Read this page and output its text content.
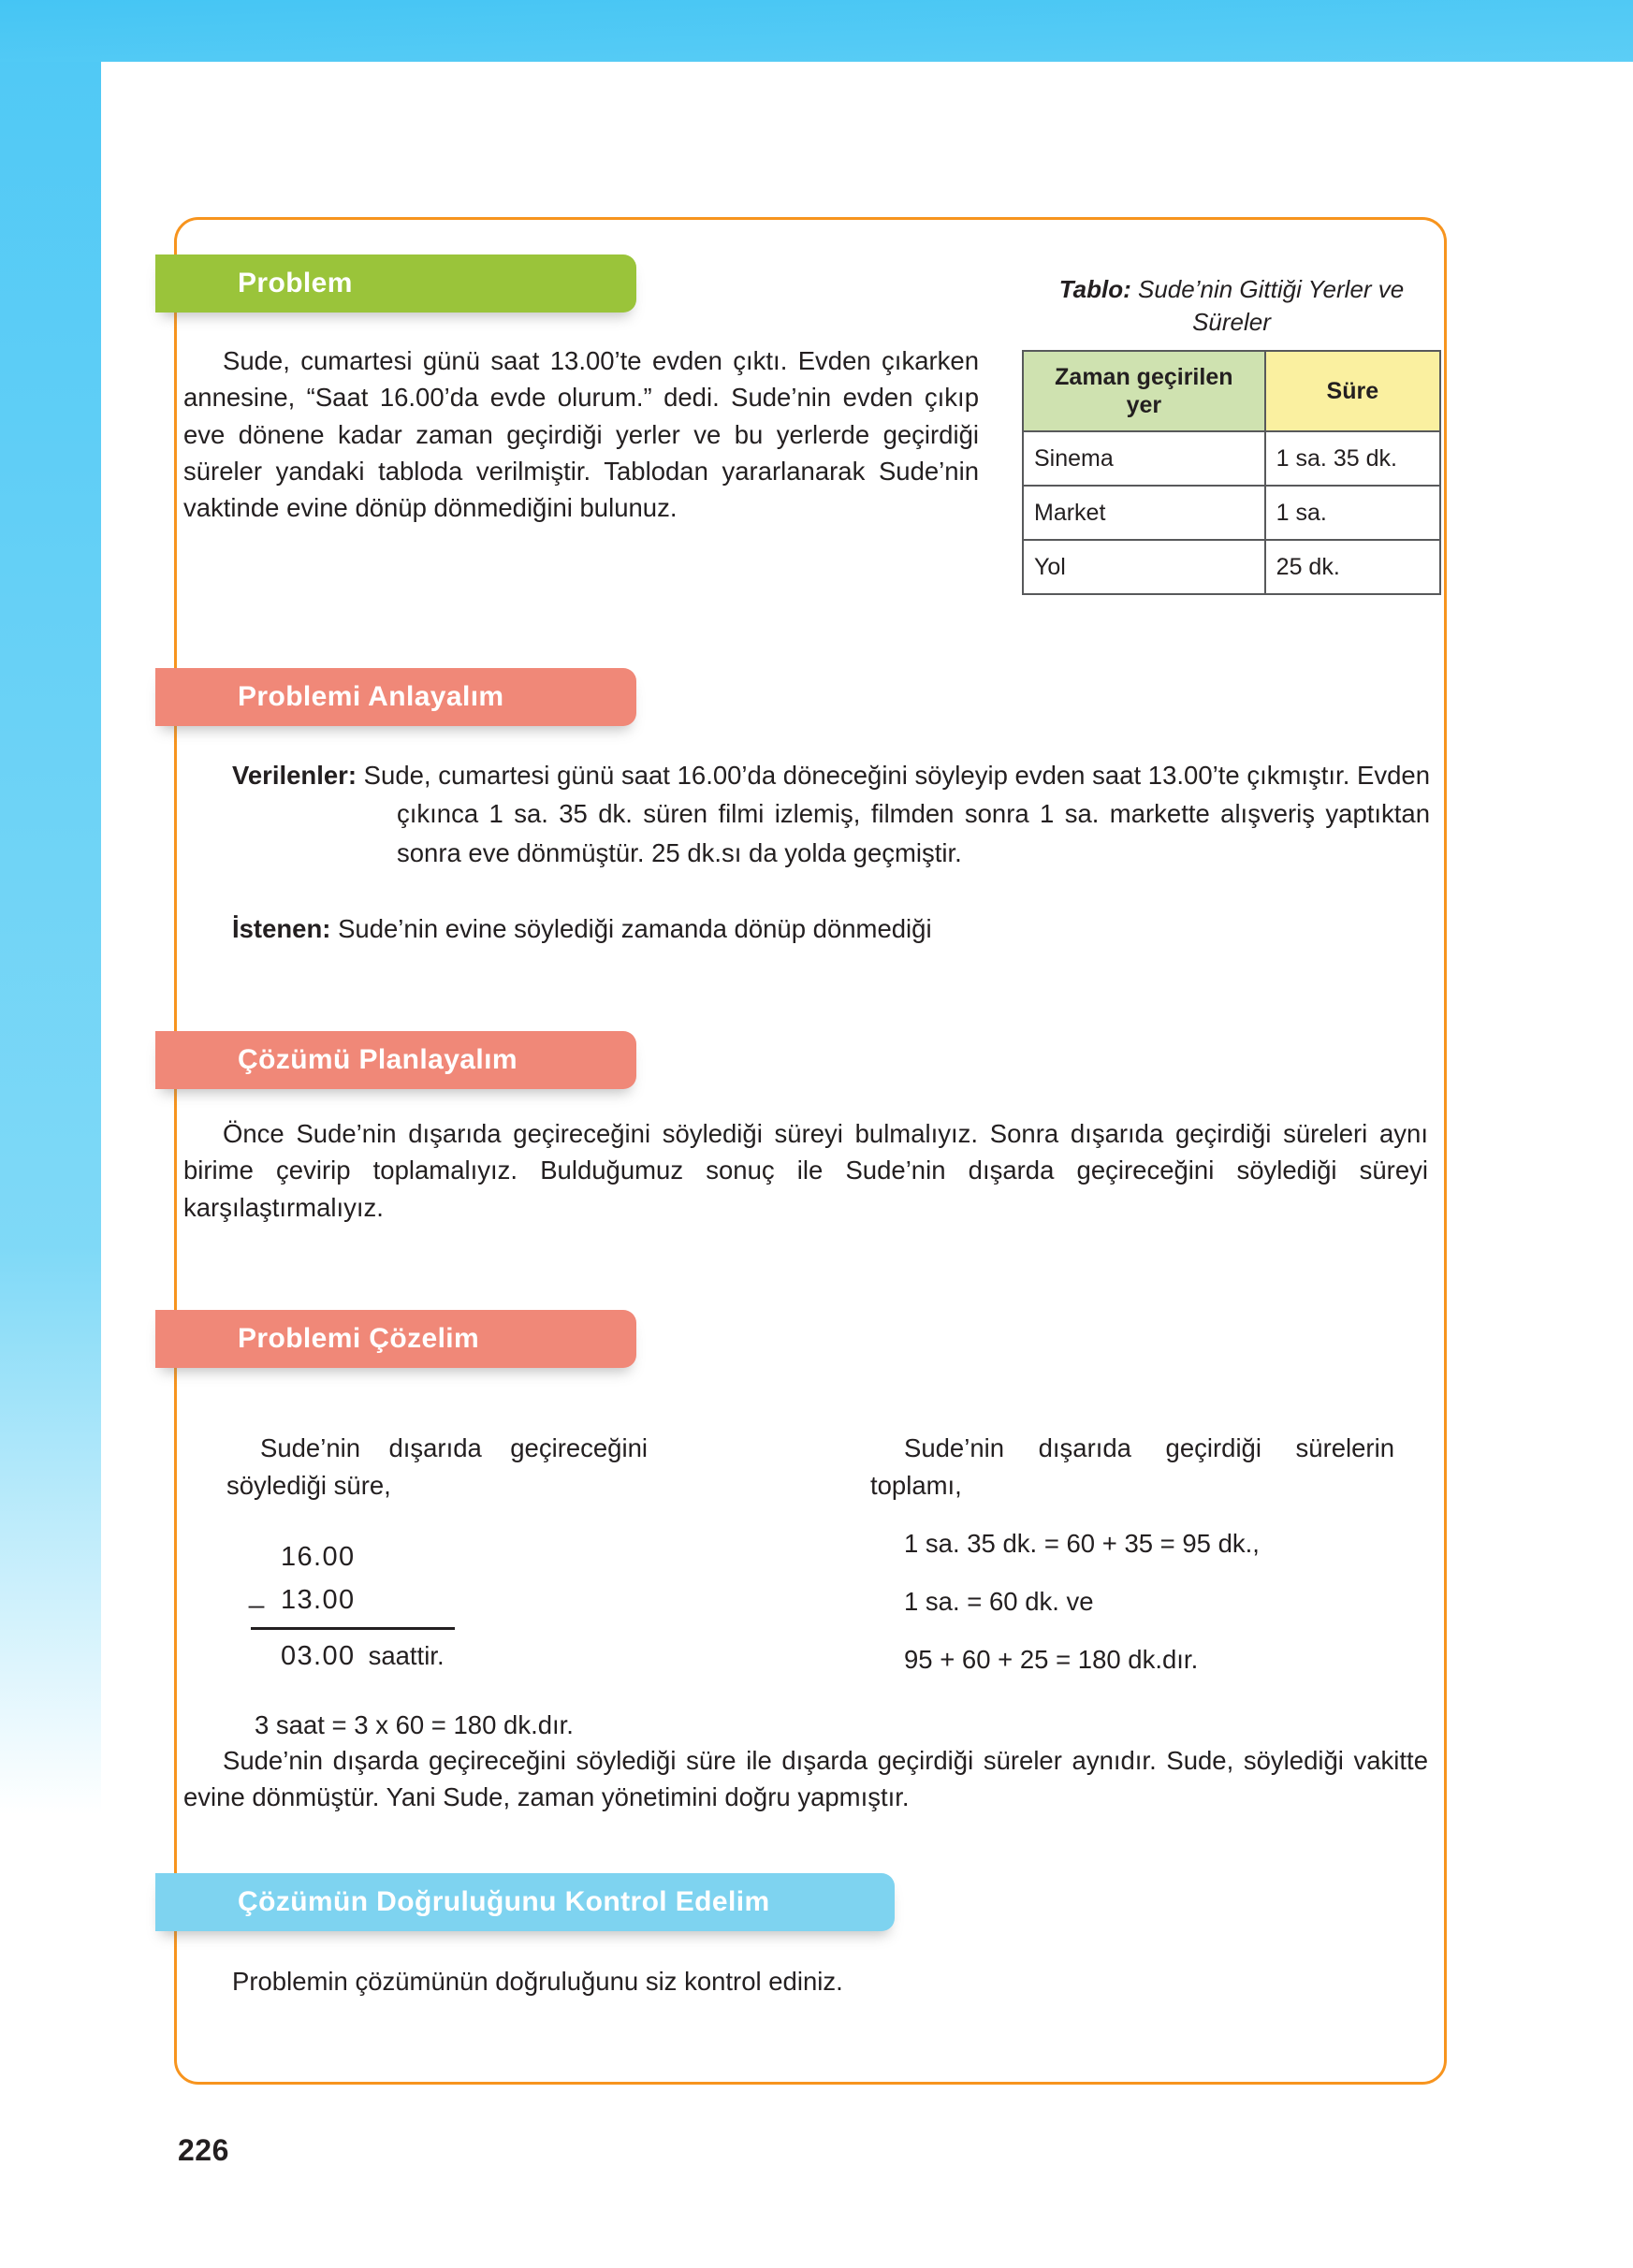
Problem
Sude, cumartesi günü saat 13.00’te evden çıktı. Evden çıkarken annesine, “Saat 16.00’da evde olurum.” dedi. Sude’nin evden çıkıp eve dönene kadar zaman geçirdiği yerler ve bu yerlerde geçirdiği süreler yandaki tabloda verilmiştir. Tablodan yararlanarak Sude’nin vaktinde evine dönüp dönmediğini bulunuz.
Tablo: Sude’nin Gittiği Yerler ve Süreler
Zaman geçirilen yer	Süre
Sinema	1 sa. 35 dk.
Market	1 sa.
Yol	25 dk.
Problemi Anlayalım
Verilenler: Sude, cumartesi günü saat 16.00’da döneceğini söyleyip evden saat 13.00’te çıkmıştır. Evden çıkınca 1 sa. 35 dk. süren filmi izlemiş, filmden sonra 1 sa. markette alışveriş yaptıktan sonra eve dönmüştür. 25 dk.sı da yolda geçmiştir.
İstenen: Sude’nin evine söylediği zamanda dönüp dönmediği
Çözümü Planlayalım
Önce Sude’nin dışarıda geçireceğini söylediği süreyi bulmalıyız. Sonra dışarıda geçirdiği süreleri aynı birime çevirip toplamalıyız. Bulduğumuz sonuç ile Sude’nin dışarda geçireceğini söylediği süreyi karşılaştırmalıyız.
Problemi Çözelim
Sude’nin dışarıda geçireceğini söylediği süre,
16.00
_ 13.00
03.00 saattir.
3 saat = 3 x 60 = 180 dk.dır.
Sude’nin dışarıda geçirdiği sürelerin toplamı,
1 sa. 35 dk. = 60 + 35 = 95 dk.,
1 sa. = 60 dk. ve
95 + 60 + 25 = 180 dk.dır.
Sude’nin dışarda geçireceğini söylediği süre ile dışarda geçirdiği süreler aynıdır. Sude, söylediği vakitte evine dönmüştür. Yani Sude, zaman yönetimini doğru yapmıştır.
Çözümün Doğruluğunu Kontrol Edelim
Problemin çözümünün doğruluğunu siz kontrol ediniz.
226
